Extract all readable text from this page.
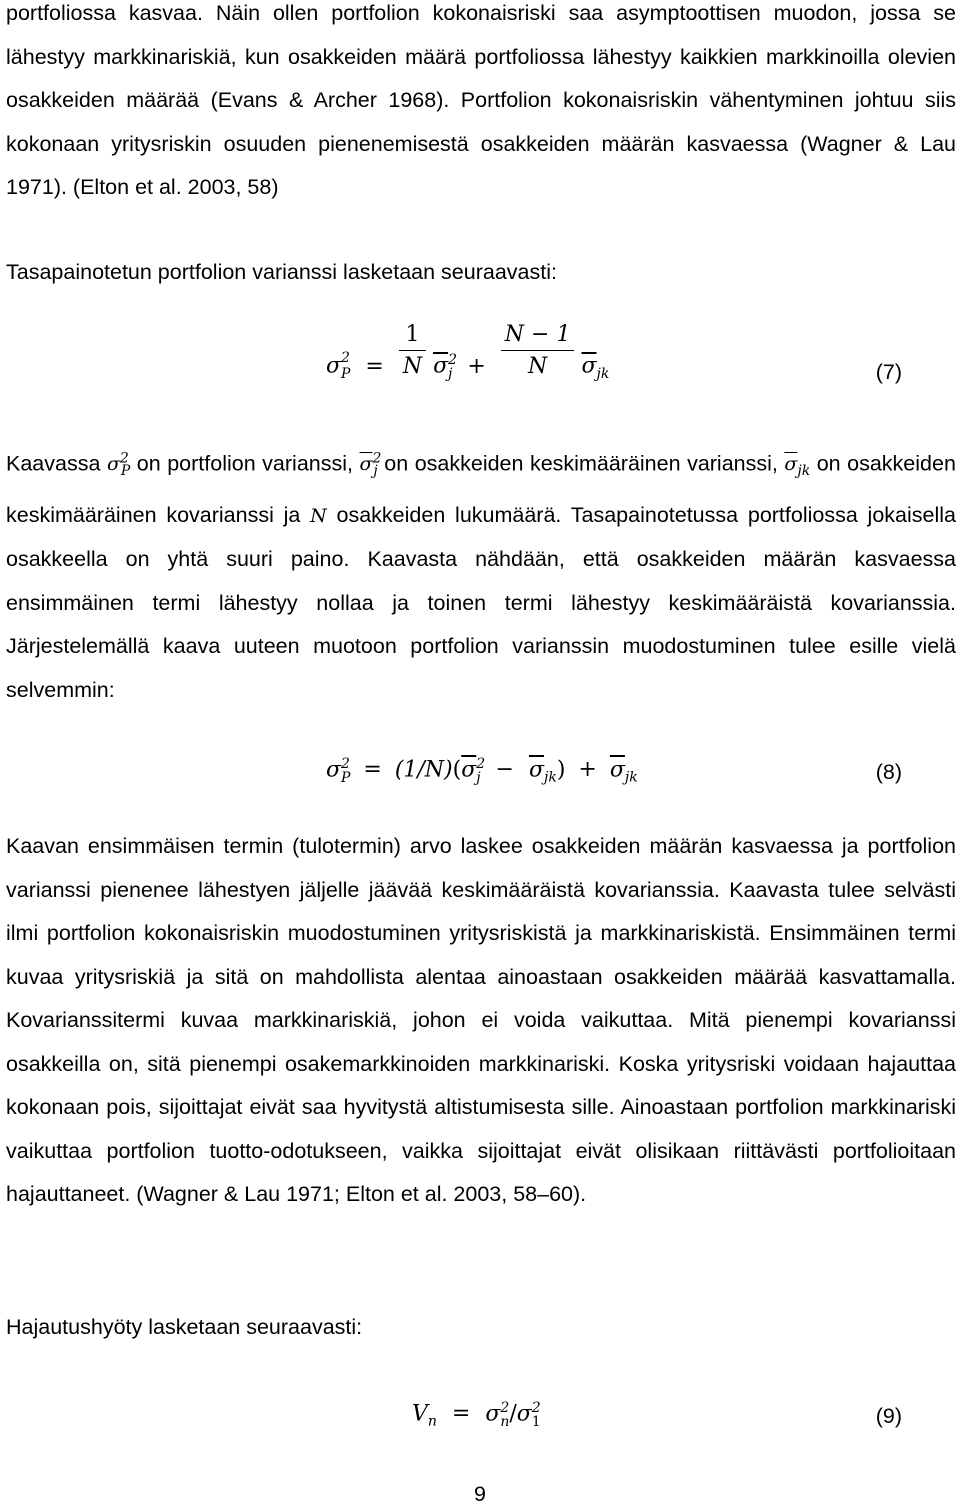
portfoliossa kasvaa. Näin ollen portfolion kokonaisriski saa asymptoottisen muodon, jossa se lähestyy markkinariskiä, kun osakkeiden määrä portfoliossa lähestyy kaikkien markkinoilla olevien osakkeiden määrää (Evans & Archer 1968). Portfolion kokonaisriskin vähentyminen johtuu siis kokonaan yritysriskin osuuden pienenemisestä osakkeiden määrän kasvaessa (Wagner & Lau 1971). (Elton et al. 2003, 58)

Tasapainotetun portfolion varianssi lasketaan seuraavasti:

$\sigma^2_P = \frac{1}{N} \overline{\sigma}^2_j + \frac{N - 1}{N} \overline{\sigma}_{jk}$	(7)

Kaavassa $\sigma^2_P$ on portfolion varianssi, $\overline{\sigma}^2_j$ on osakkeiden keskimääräinen varianssi, $\overline{\sigma}_{jk}$ on osakkeiden keskimääräinen kovarianssi ja N osakkeiden lukumäärä. Tasapainotetussa portfoliossa jokaisella osakkeella on yhtä suuri paino. Kaavasta nähdään, että osakkeiden määrän kasvaessa ensimmäinen termi lähestyy nollaa ja toinen termi lähestyy keskimääräistä kovarianssia. Järjestelemällä kaava uuteen muotoon portfolion varianssin muodostuminen tulee esille vielä selvemmin:

$\sigma^2_P = (1/N)(\overline{\sigma}^2_j - \overline{\sigma}_{jk}) + \overline{\sigma}_{jk}$	(8)

Kaavan ensimmäisen termin (tulotermin) arvo laskee osakkeiden määrän kasvaessa ja portfolion varianssi pienenee lähestyen jäljelle jäävää keskimääräistä kovarianssia. Kaavasta tulee selvästi ilmi portfolion kokonaisriskin muodostuminen yritysriskistä ja markkinariskistä. Ensimmäinen termi kuvaa yritysriskiä ja sitä on mahdollista alentaa ainoastaan osakkeiden määrää kasvattamalla. Kovarianssitermi kuvaa markkinariskiä, johon ei voida vaikuttaa. Mitä pienempi kovarianssi osakkeilla on, sitä pienempi osakemarkkinoiden markkinariski. Koska yritysriski voidaan hajauttaa kokonaan pois, sijoittajat eivät saa hyvitystä altistumisesta sille. Ainoastaan portfolion markkinariski vaikuttaa portfolion tuotto-odotukseen, vaikka sijoittajat eivät olisikaan riittävästi portfolioitaan hajauttaneet. (Wagner & Lau 1971; Elton et al. 2003, 58–60).

Hajautushyöty lasketaan seuraavasti:

$V_n = \sigma^2_n/\sigma^2_1$	(9)
9
